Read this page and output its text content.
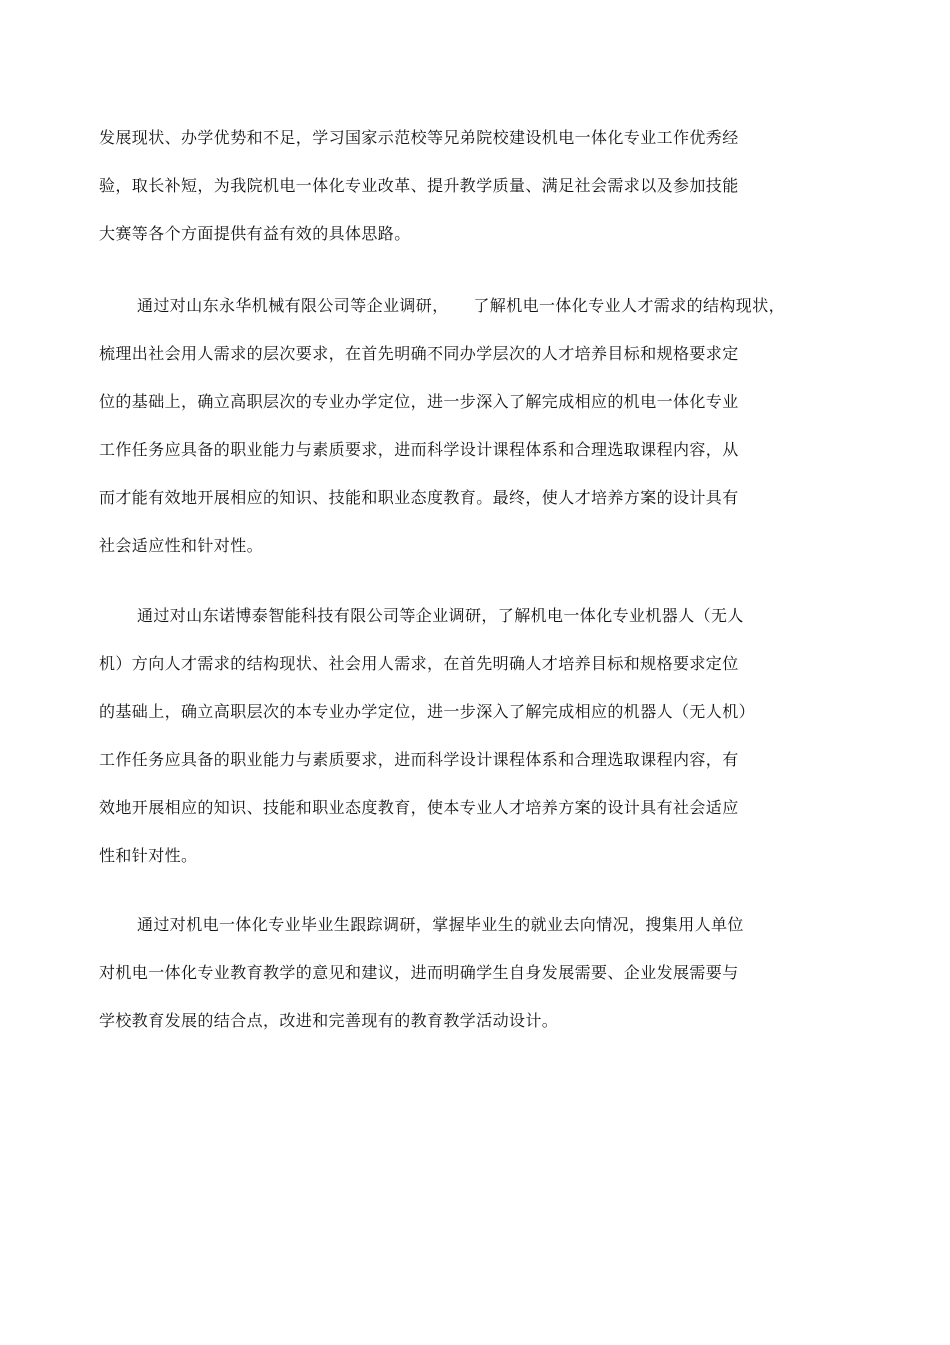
发展现状、办学优势和不足，学习国家示范校等兄弟院校建设机电一体化专业工作优秀经
验，取长补短，为我院机电一体化专业改革、提升教学质量、满足社会需求以及参加技能
大赛等各个方面提供有益有效的具体思路。
通过对山东永华机械有限公司等企业调研，　　了解机电一体化专业人才需求的结构现状，
梳理出社会用人需求的层次要求，在首先明确不同办学层次的人才培养目标和规格要求定
位的基础上，确立高职层次的专业办学定位，进一步深入了解完成相应的机电一体化专业
工作任务应具备的职业能力与素质要求，进而科学设计课程体系和合理选取课程内容，从
而才能有效地开展相应的知识、技能和职业态度教育。最终，使人才培养方案的设计具有
社会适应性和针对性。
通过对山东诺博泰智能科技有限公司等企业调研，了解机电一体化专业机器人（无人
机）方向人才需求的结构现状、社会用人需求，在首先明确人才培养目标和规格要求定位
的基础上，确立高职层次的本专业办学定位，进一步深入了解完成相应的机器人（无人机）
工作任务应具备的职业能力与素质要求，进而科学设计课程体系和合理选取课程内容，有
效地开展相应的知识、技能和职业态度教育，使本专业人才培养方案的设计具有社会适应
性和针对性。
通过对机电一体化专业毕业生跟踪调研，掌握毕业生的就业去向情况，搜集用人单位
对机电一体化专业教育教学的意见和建议，进而明确学生自身发展需要、企业发展需要与
学校教育发展的结合点，改进和完善现有的教育教学活动设计。
